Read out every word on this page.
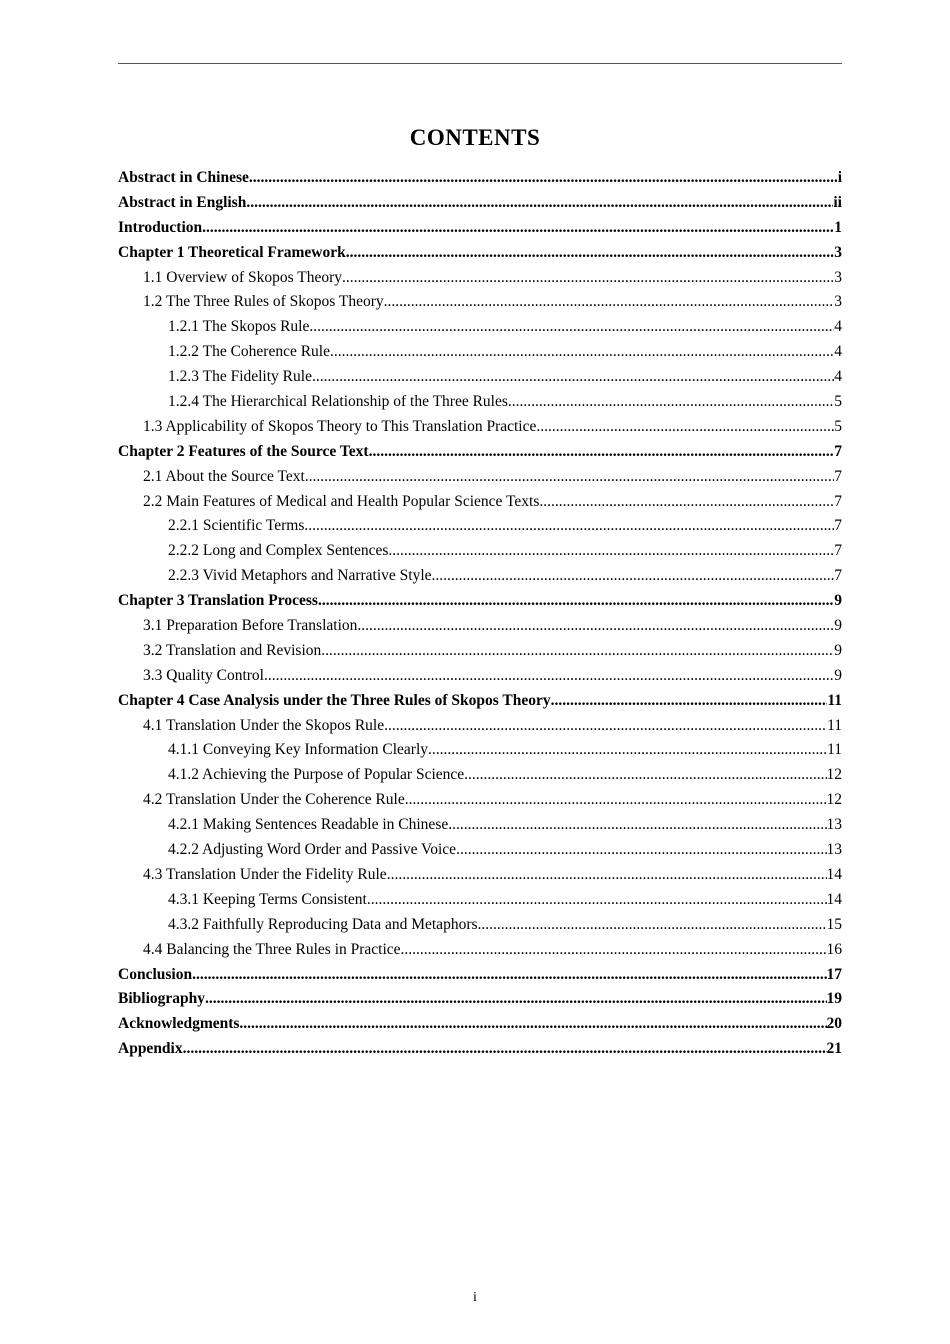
CONTENTS
Abstract in Chinese .....	i
Abstract in English .....	ii
Introduction .....	1
Chapter 1 Theoretical Framework .....	3
1.1 Overview of Skopos Theory .....	3
1.2 The Three Rules of Skopos Theory .....	3
1.2.1 The Skopos Rule .....	4
1.2.2 The Coherence Rule .....	4
1.2.3 The Fidelity Rule .....	4
1.2.4 The Hierarchical Relationship of the Three Rules .....	5
1.3 Applicability of Skopos Theory to This Translation Practice .....	5
Chapter 2 Features of the Source Text .....	7
2.1 About the Source Text .....	7
2.2 Main Features of Medical and Health Popular Science Texts .....	7
2.2.1 Scientific Terms .....	7
2.2.2 Long and Complex Sentences .....	7
2.2.3 Vivid Metaphors and Narrative Style .....	7
Chapter 3 Translation Process .....	9
3.1 Preparation Before Translation .....	9
3.2 Translation and Revision .....	9
3.3 Quality Control .....	9
Chapter 4 Case Analysis under the Three Rules of Skopos Theory .....	11
4.1 Translation Under the Skopos Rule .....	11
4.1.1 Conveying Key Information Clearly .....	11
4.1.2 Achieving the Purpose of Popular Science .....	12
4.2 Translation Under the Coherence Rule .....	12
4.2.1 Making Sentences Readable in Chinese .....	13
4.2.2 Adjusting Word Order and Passive Voice .....	13
4.3 Translation Under the Fidelity Rule .....	14
4.3.1 Keeping Terms Consistent .....	14
4.3.2 Faithfully Reproducing Data and Metaphors .....	15
4.4 Balancing the Three Rules in Practice .....	16
Conclusion .....	17
Bibliography .....	19
Acknowledgments .....	20
Appendix .....	21
i
